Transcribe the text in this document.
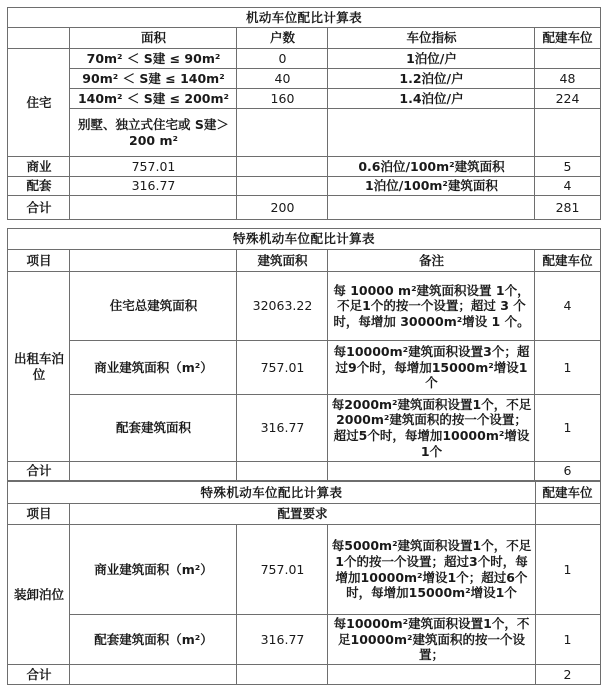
机动车位配比计算表				
	面积	户数	车位指标	配建车位
住宅	70m² ＜ S建 ≤ 90m²	0	1泊位/户	
	90m² ＜ S建 ≤ 140m²	40	1.2泊位/户	48
	140m² ＜ S建 ≤ 200m²	160	1.4泊位/户	224
	别墅、独立式住宅或 S建＞200 m²			
商业	757.01		0.6泊位/100m²建筑面积	5
配套	316.77		1泊位/100m²建筑面积	4
合计		200		281
特殊机动车位配比计算表				
项目		建筑面积	备注	配建车位
出租车泊位	住宅总建筑面积	32063.22	每 10000 m²建筑面积设置 1个，不足1个的按一个设置；超过 3 个时，每增加 30000m²增设 1 个。	4
	商业建筑面积（m²）	757.01	每10000m²建筑面积设置3个；超过9个时，每增加15000m²增设1个	1
	配套建筑面积	316.77	每2000m²建筑面积设置1个，不足2000m²建筑面积的按一个设置；超过5个时，每增加10000m²增设1个	1
合计				6
特殊机动车位配比计算表				配建车位
项目	配置要求			
装卸泊位	商业建筑面积（m²）	757.01	每5000m²建筑面积设置1个，不足1个的按一个设置；超过3个时，每增加10000m²增设1个；超过6个时，每增加15000m²增设1个	1
	配套建筑面积（m²）	316.77	每10000m²建筑面积设置1个，不足10000m²建筑面积的按一个设置；	1
合计				2
